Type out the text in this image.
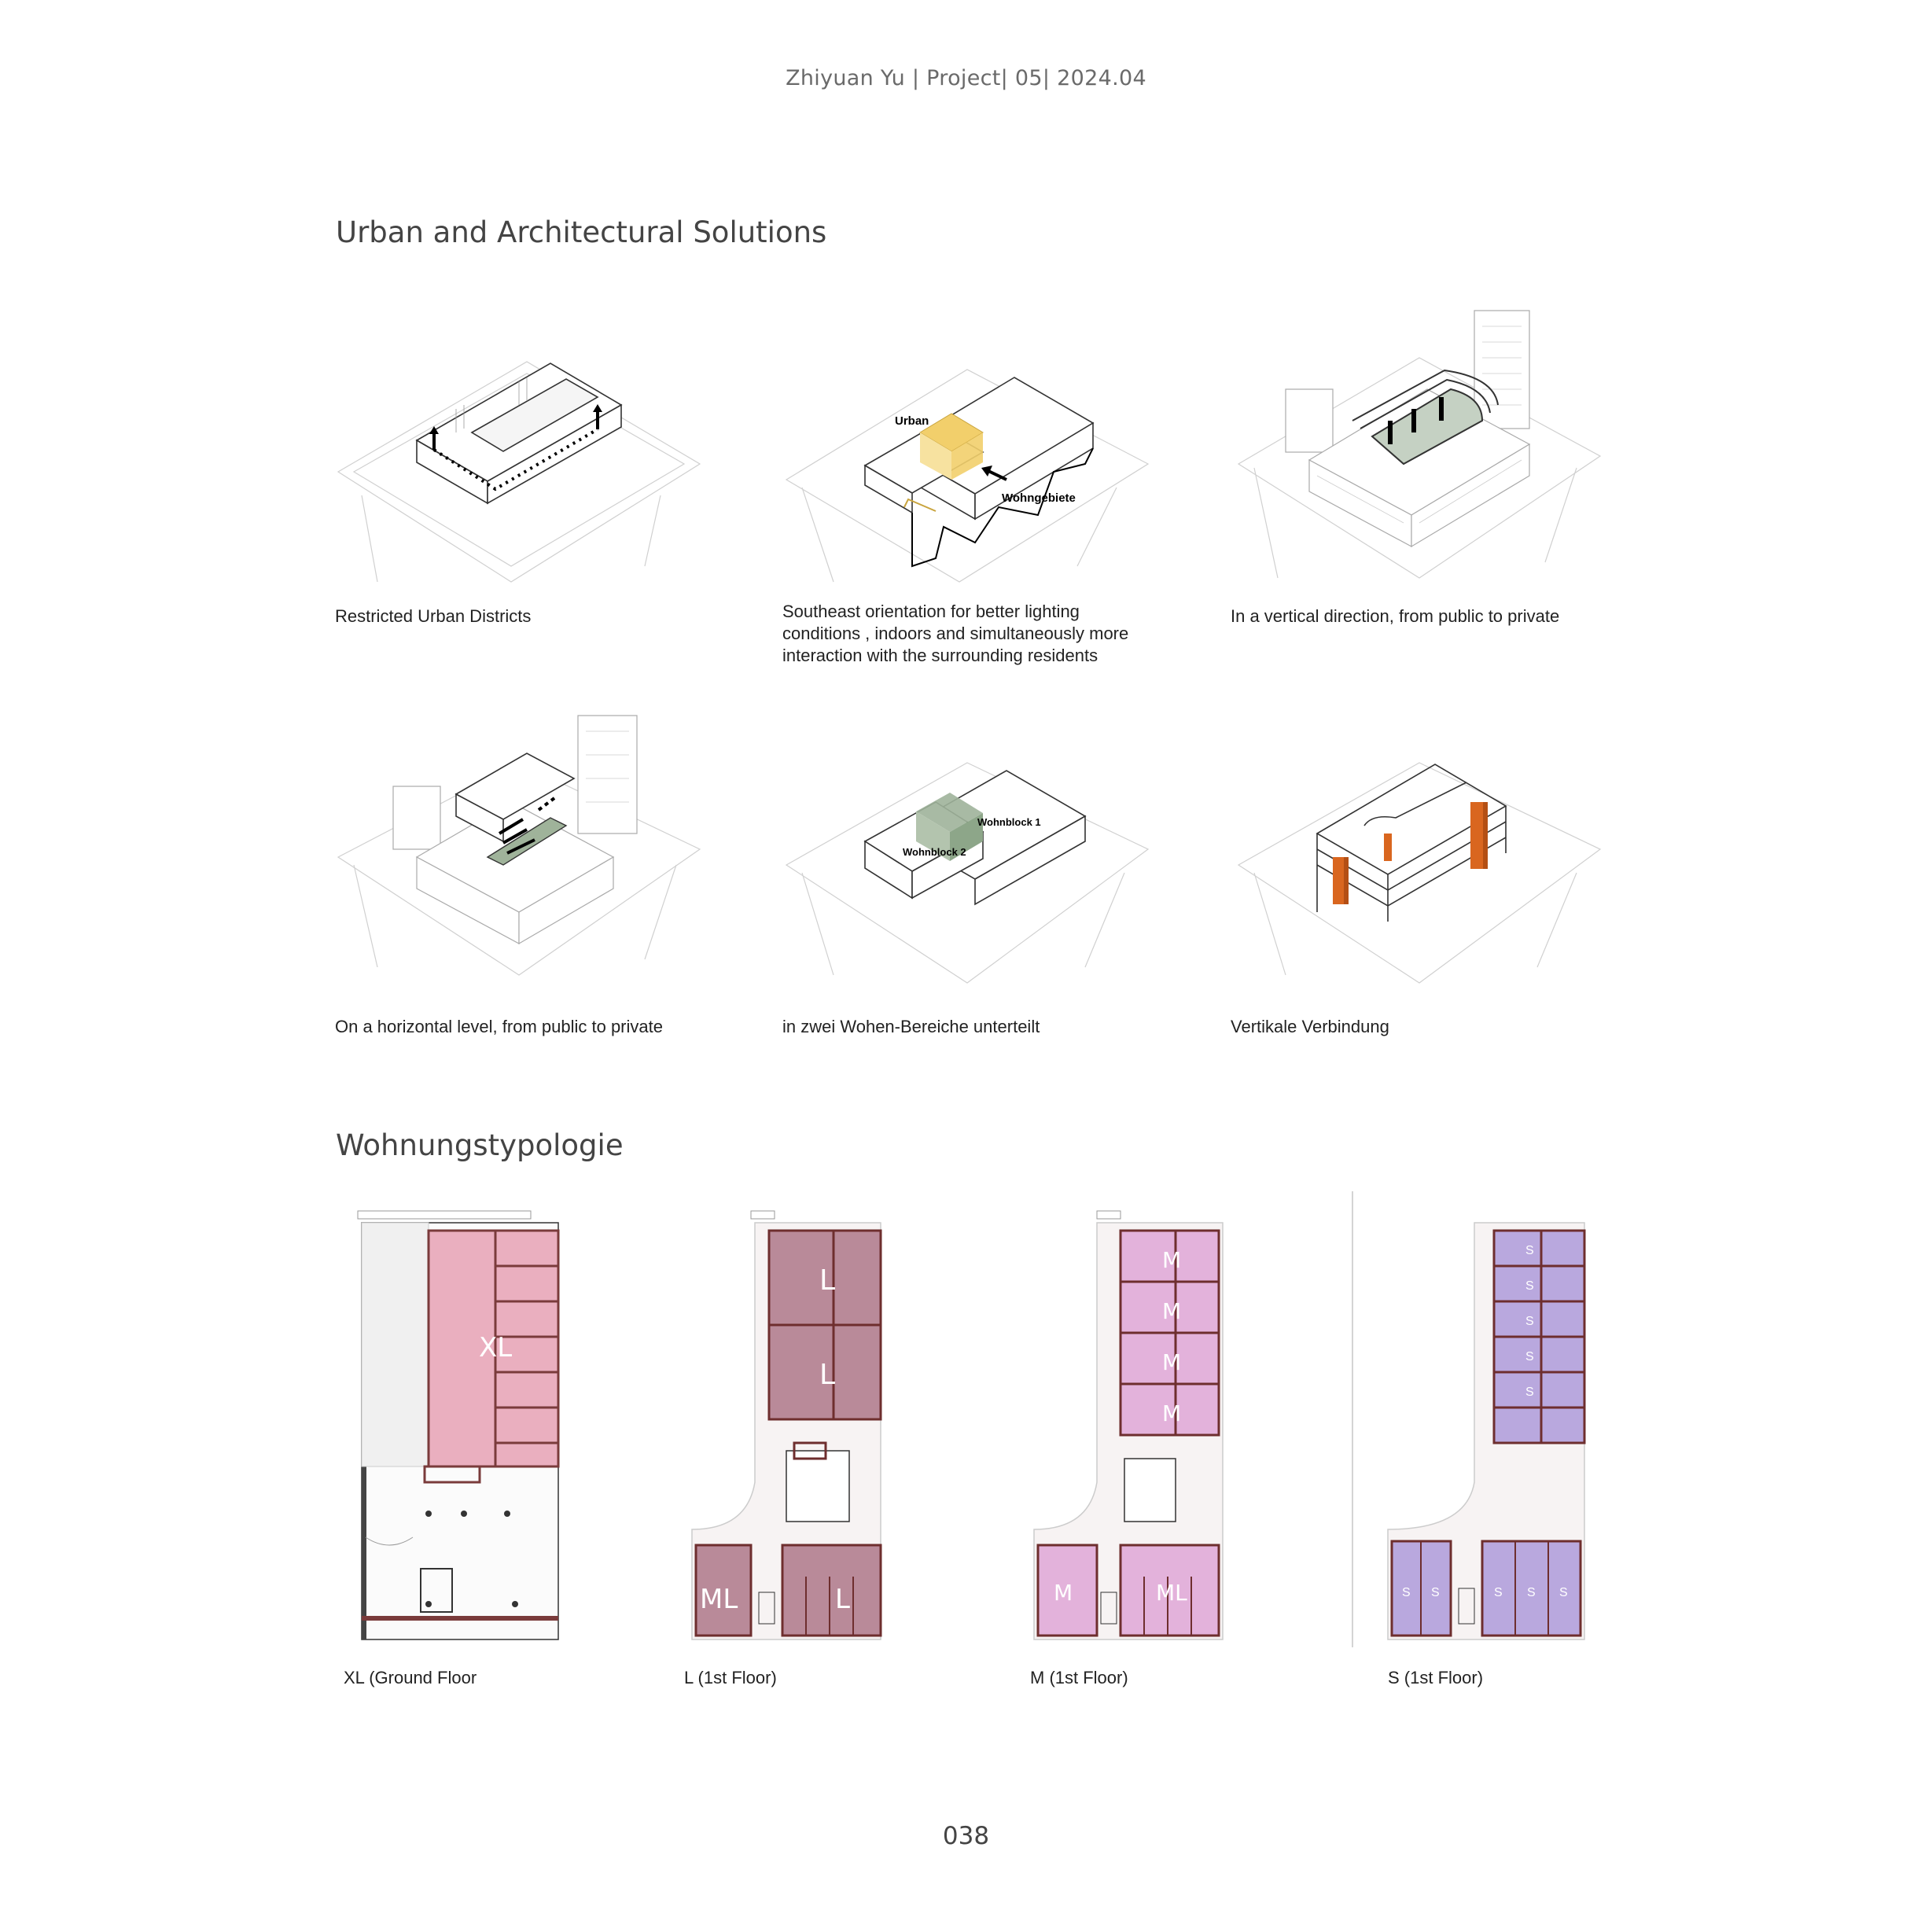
Zhiyuan Yu | Project| 05| 2024.04
Urban and Architectural Solutions
Restricted Urban Districts
Urban
Wohngebiete
Southeast orientation for better lighting
conditions , indoors and simultaneously more
interaction with the surrounding residents
In a vertical direction, from public to private
On a horizontal level, from public to private
Wohnblock 1
Wohnblock 2
in zwei Wohen-Bereiche unterteilt	Vertikale Verbindung
Wohnungstypologie
XL
XL (Ground Floor
L
L
ML	L
L (1st Floor)
M
M
M
M
M	ML
M (1st Floor)
S
S
S
S
S
S S	S S S
S (1st Floor)
038
